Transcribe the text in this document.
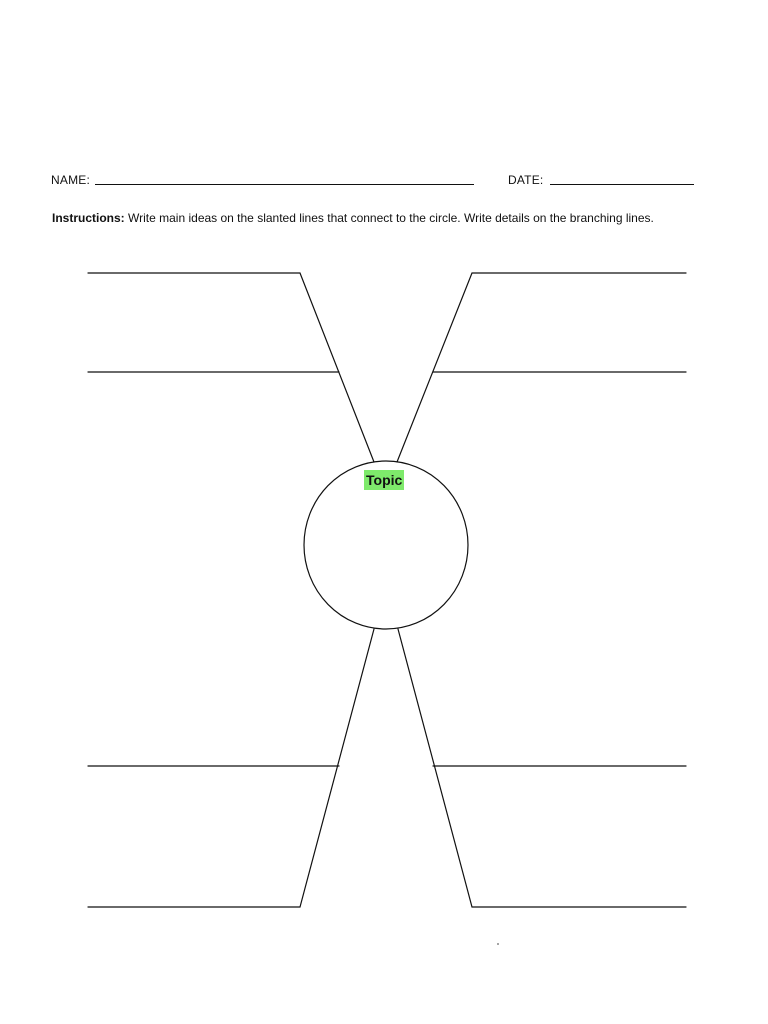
NAME:	DATE:
Instructions: Write main ideas on the slanted lines that connect to the circle. Write details on the branching lines.
Topic
